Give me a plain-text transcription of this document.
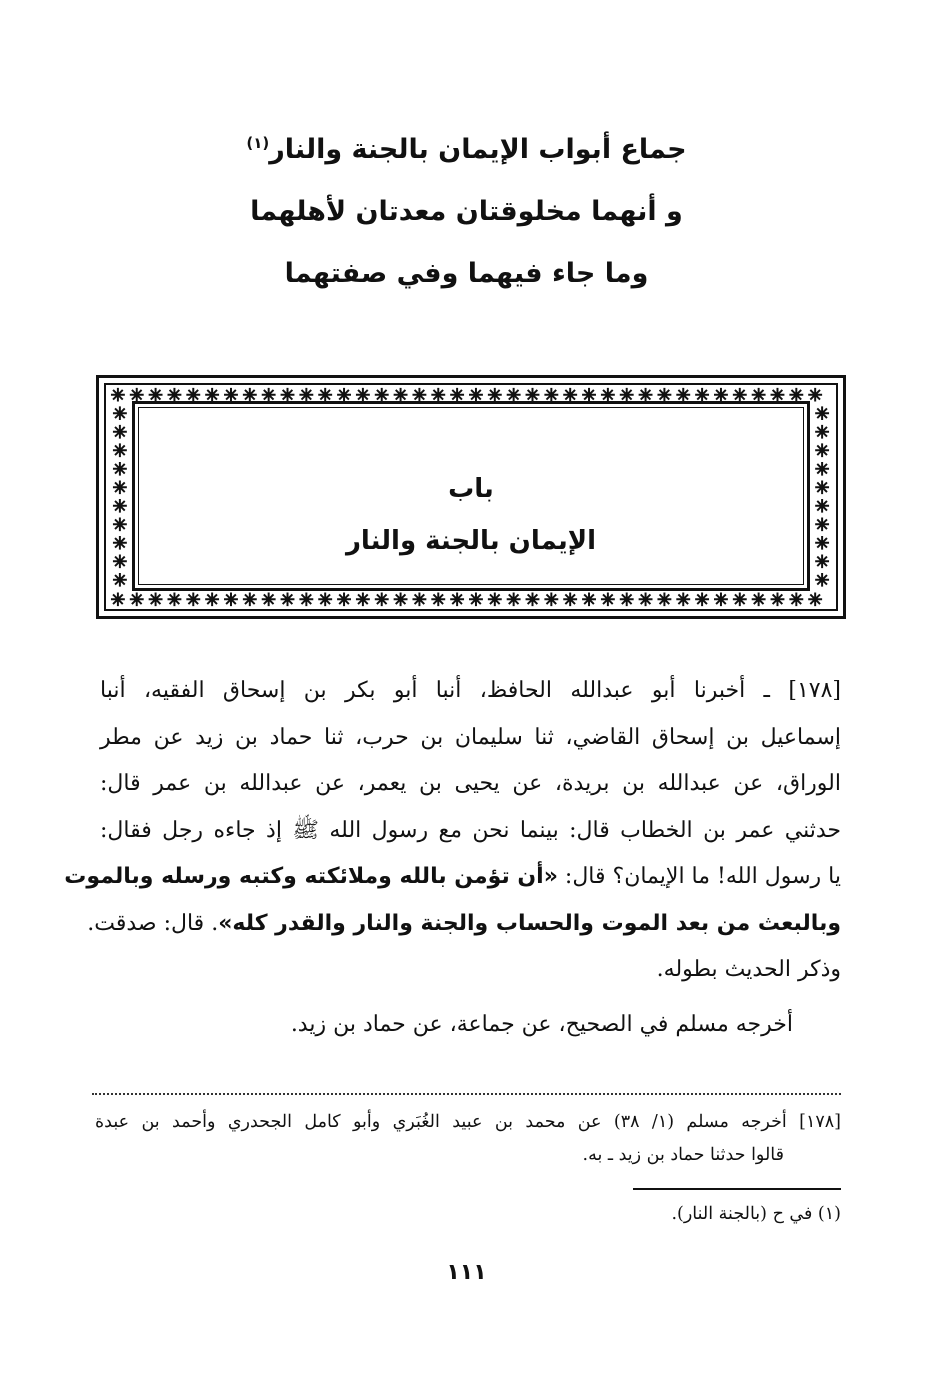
جماع أبواب الإيمان بالجنة والنار$^{(١)}$

و أنهما مخلوقتان معدتان لأهلهما

وما جاء فيهما وفي صفتهما

باب
الإيمان بالجنة والنار
[١٧٨] ـ أخبرنا أبو عبدالله الحافظ، أنبا أبو بكر بن إسحاق الفقيه، أنبا
إسماعيل بن إسحاق القاضي، ثنا سليمان بن حرب، ثنا حماد بن زيد عن مطر
الوراق، عن عبدالله بن بريدة، عن يحيى بن يعمر، عن عبدالله بن عمر قال:
حدثني عمر بن الخطاب قال: بينما نحن مع رسول الله ﷺ إذ جاءه رجل فقال:
يا رسول الله! ما الإيمان؟ قال: «أن تؤمن بالله وملائكته وكتبه ورسله وبالموت
وبالبعث من بعد الموت والحساب والجنة والنار والقدر كله». قال: صدقت.
وذكر الحديث بطوله.
أخرجه مسلم في الصحيح، عن جماعة، عن حماد بن زيد.
[١٧٨] أخرجه مسلم (١/ ٣٨) عن محمد بن عبيد الغُبَري وأبو كامل الجحدري وأحمد بن عبدة
قالوا حدثنا حماد بن زيد ـ به.
(١) في ح (بالجنة النار).
١١١
